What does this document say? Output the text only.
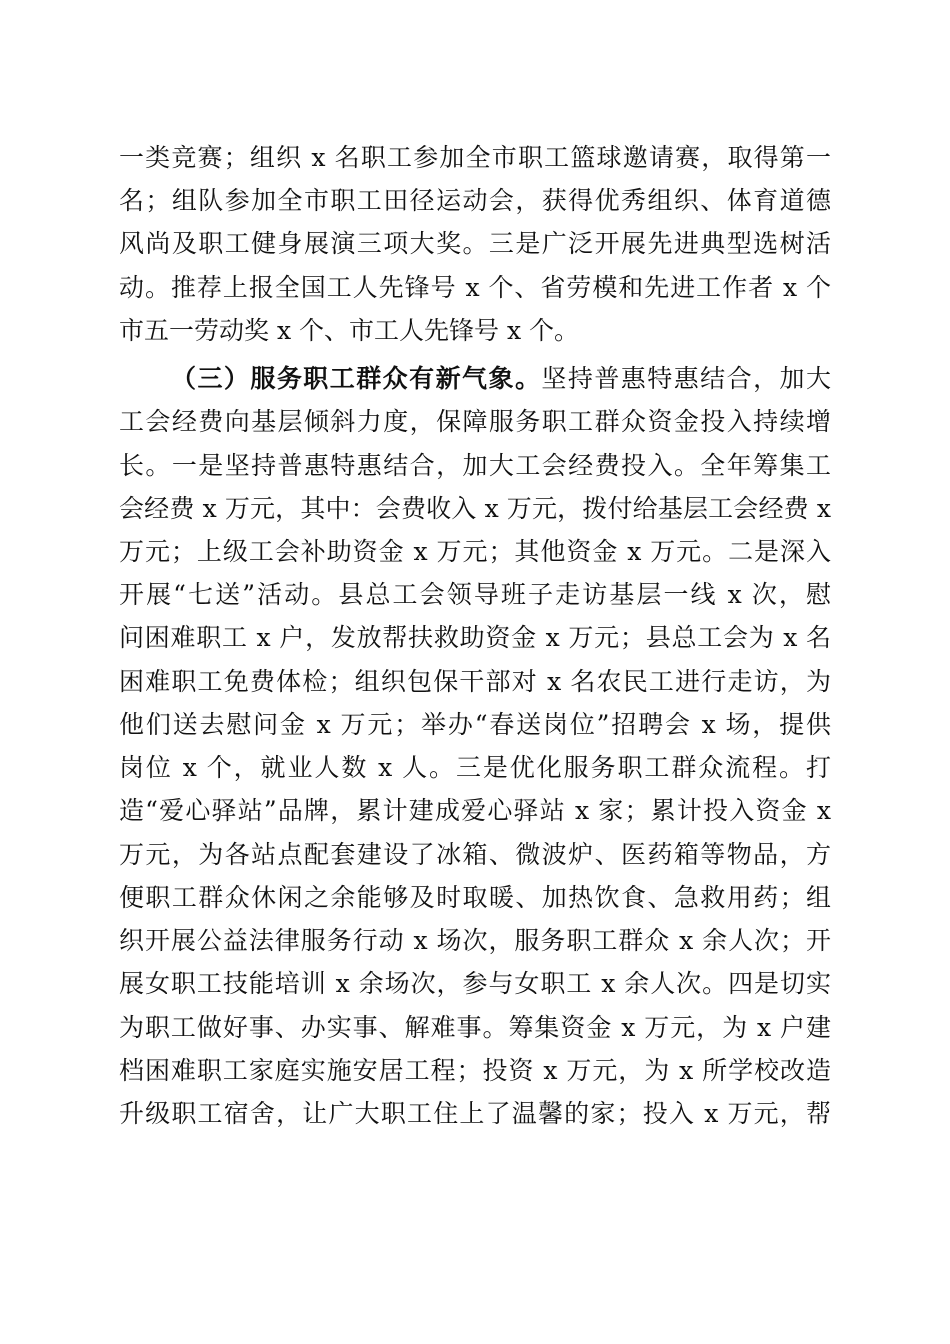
一类竞赛；组织 x 名职工参加全市职工篮球邀请赛，取得第一
名；组队参加全市职工田径运动会，获得优秀组织、体育道德
风尚及职工健身展演三项大奖。三是广泛开展先进典型选树活
动。推荐上报全国工人先锋号 x 个、省劳模和先进工作者 x 个
市五一劳动奖 x 个、市工人先锋号 x 个。
（三）服务职工群众有新气象。坚持普惠特惠结合，加大
工会经费向基层倾斜力度，保障服务职工群众资金投入持续增
长。一是坚持普惠特惠结合，加大工会经费投入。全年筹集工
会经费 x 万元，其中：会费收入 x 万元，拨付给基层工会经费 x
万元；上级工会补助资金 x 万元；其他资金 x 万元。二是深入
开展“七送”活动。县总工会领导班子走访基层一线 x 次，慰
问困难职工 x 户，发放帮扶救助资金 x 万元；县总工会为 x 名
困难职工免费体检；组织包保干部对 x 名农民工进行走访，为
他们送去慰问金 x 万元；举办“春送岗位”招聘会 x 场，提供
岗位 x 个，就业人数 x 人。三是优化服务职工群众流程。打
造“爱心驿站”品牌，累计建成爱心驿站 x 家；累计投入资金 x
万元，为各站点配套建设了冰箱、微波炉、医药箱等物品，方
便职工群众休闲之余能够及时取暖、加热饮食、急救用药；组
织开展公益法律服务行动 x 场次，服务职工群众 x 余人次；开
展女职工技能培训 x 余场次，参与女职工 x 余人次。四是切实
为职工做好事、办实事、解难事。筹集资金 x 万元，为 x 户建
档困难职工家庭实施安居工程；投资 x 万元，为 x 所学校改造
升级职工宿舍，让广大职工住上了温馨的家；投入 x 万元，帮
